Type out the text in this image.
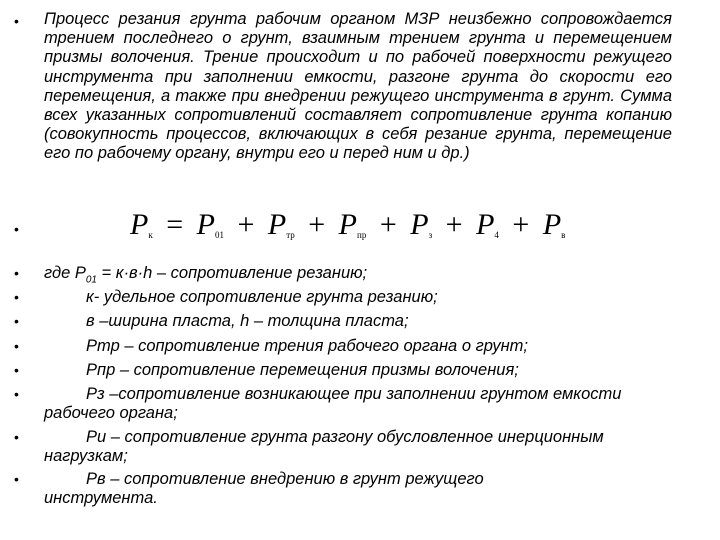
•
•
•
•
•
•
•
•
•
•
Процесс резания грунта рабочим органом МЗР неизбежно сопровождается трением последнего о грунт, взаимным трением грунта и перемещением призмы волочения. Трение происходит и по рабочей поверхности режущего инструмента при заполнении емкости, разгоне грунта до скорости его перемещения, а также при внедрении режущего инструмента в грунт. Сумма всех указанных сопротивлений составляет сопротивление грунта копанию (совокупность процессов, включающих в себя резание грунта, перемещение его по рабочему органу, внутри его и перед ним и др.)
$P_к = P_{01} + P_{тр} + P_{пр} + P_з + P_4 + P_в$
где $P_{01} = к\cdot в\cdot h$ – сопротивление резанию;
к- удельное сопротивление грунта резанию;
в –ширина пласта, h – толщина пласта;
Pтр – сопротивление трения рабочего органа о грунт;
Pпр – сопротивление перемещения призмы волочения;
Pз –сопротивление возникающее при заполнении грунтом емкости рабочего органа;
Pи – сопротивление грунта разгону обусловленное инерционным нагрузкам;
Pв – сопротивление внедрению в грунт режущего инструмента.
